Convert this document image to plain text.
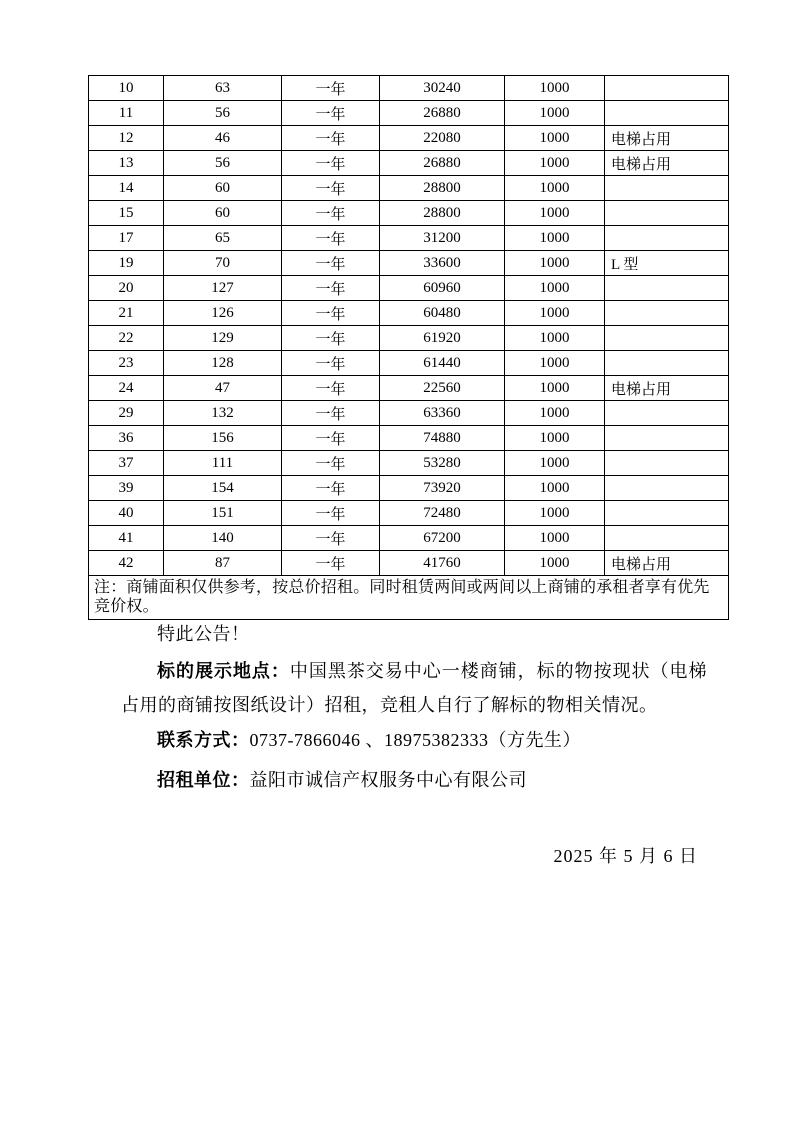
10	63	一年	30240	1000	
11	56	一年	26880	1000	
12	46	一年	22080	1000	电梯占用
13	56	一年	26880	1000	电梯占用
14	60	一年	28800	1000	
15	60	一年	28800	1000	
17	65	一年	31200	1000	
19	70	一年	33600	1000	L 型
20	127	一年	60960	1000	
21	126	一年	60480	1000	
22	129	一年	61920	1000	
23	128	一年	61440	1000	
24	47	一年	22560	1000	电梯占用
29	132	一年	63360	1000	
36	156	一年	74880	1000	
37	111	一年	53280	1000	
39	154	一年	73920	1000	
40	151	一年	72480	1000	
41	140	一年	67200	1000	
42	87	一年	41760	1000	电梯占用
注：商铺面积仅供参考，按总价招租。同时租赁两间或两间以上商铺的承租者享有优先竞价权。					

特此公告！

标的展示地点：中国黑茶交易中心一楼商铺，标的物按现状（电梯占用的商铺按图纸设计）招租，竞租人自行了解标的物相关情况。

联系方式：0737-7866046 、18975382333（方先生）

招租单位：益阳市诚信产权服务中心有限公司

2025 年 5 月 6 日
